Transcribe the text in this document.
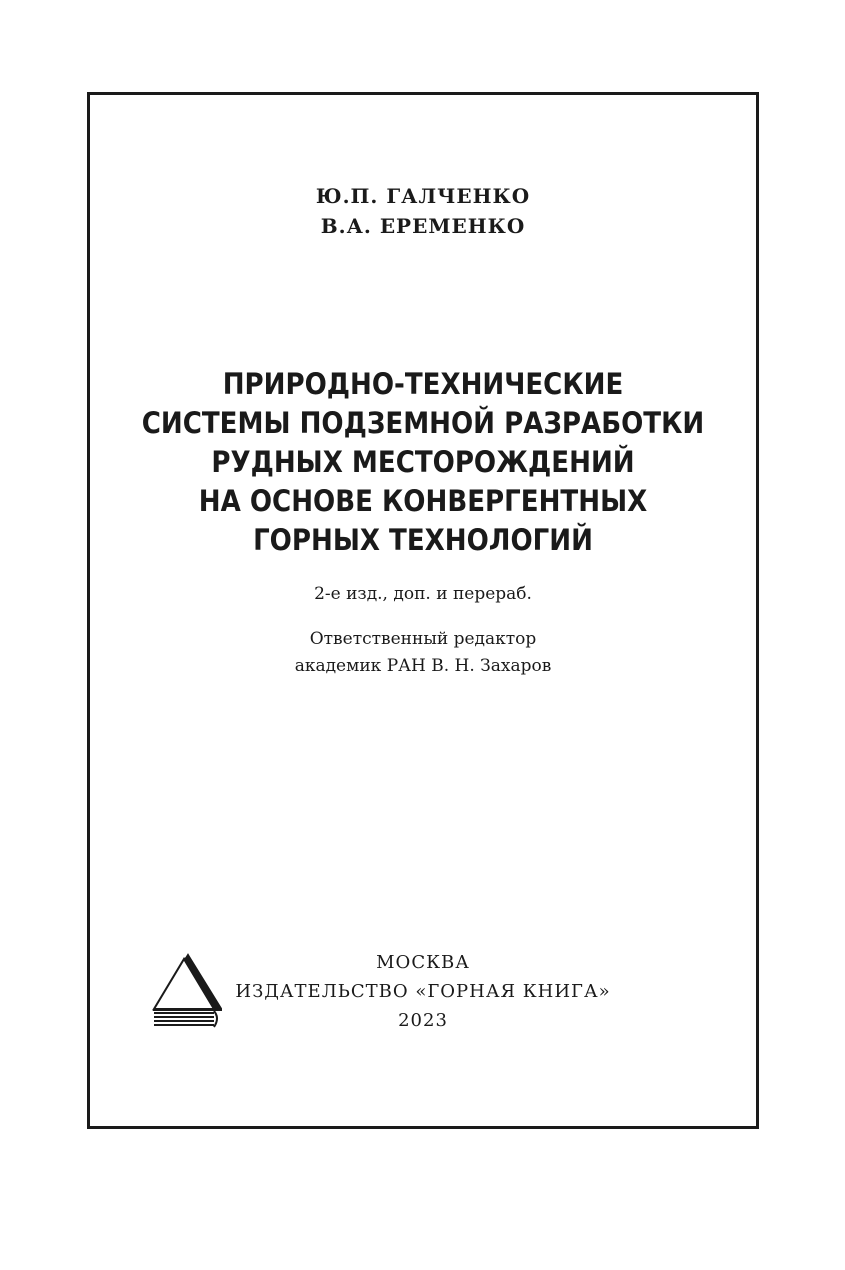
Ю.П. ГАЛЧЕНКО
В.А. ЕРЕМЕНКО
ПРИРОДНО-ТЕХНИЧЕСКИЕ
СИСТЕМЫ ПОДЗЕМНОЙ РАЗРАБОТКИ
РУДНЫХ МЕСТОРОЖДЕНИЙ
НА ОСНОВЕ КОНВЕРГЕНТНЫХ
ГОРНЫХ ТЕХНОЛОГИЙ
2-е изд., доп. и перераб.
Ответственный редактор
академик РАН В. Н. Захаров
МОСКВА
ИЗДАТЕЛЬСТВО «ГОРНАЯ КНИГА»
2023
